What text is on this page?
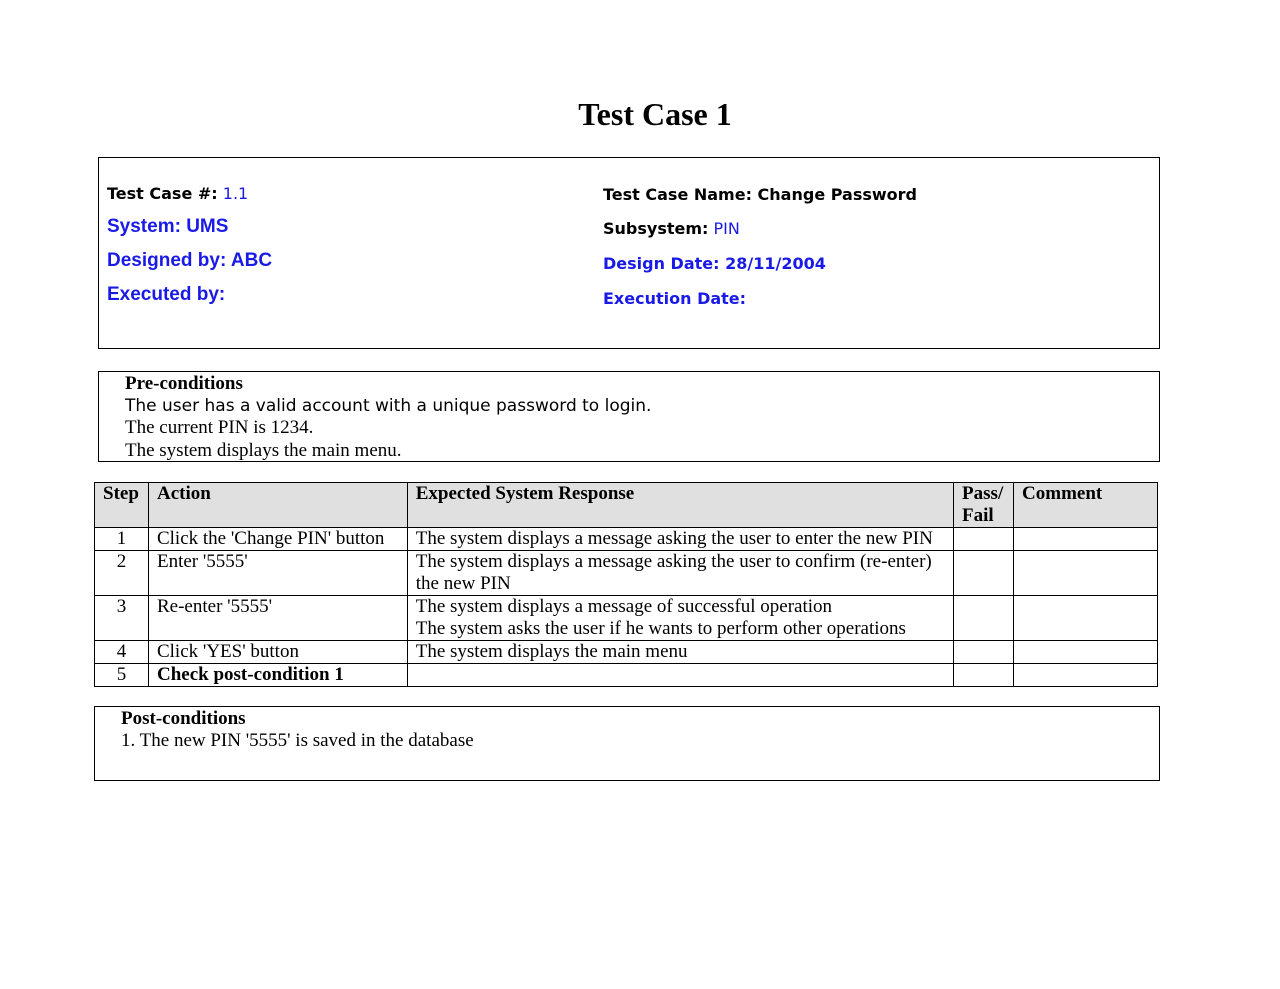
Test Case 1
Test Case #: 1.1
System: UMS
Designed by: ABC
Executed by:
Test Case Name: Change Password
Subsystem: PIN
Design Date: 28/11/2004
Execution Date:
Pre-conditions
The user has a valid account with a unique password to login.
The current PIN is 1234.
The system displays the main menu.
Step	Action	Expected System Response	Pass/ Fail	Comment
1	Click the 'Change PIN' button	The system displays a message asking the user to enter the new PIN		
2	Enter '5555'	The system displays a message asking the user to confirm (re-enter) the new PIN		
3	Re-enter '5555'	The system displays a message of successful operation
The system asks the user if he wants to perform other operations		

4	Click 'YES' button	The system displays the main menu		
5	Check post-condition 1			
Post-conditions
1. The new PIN '5555' is saved in the database
